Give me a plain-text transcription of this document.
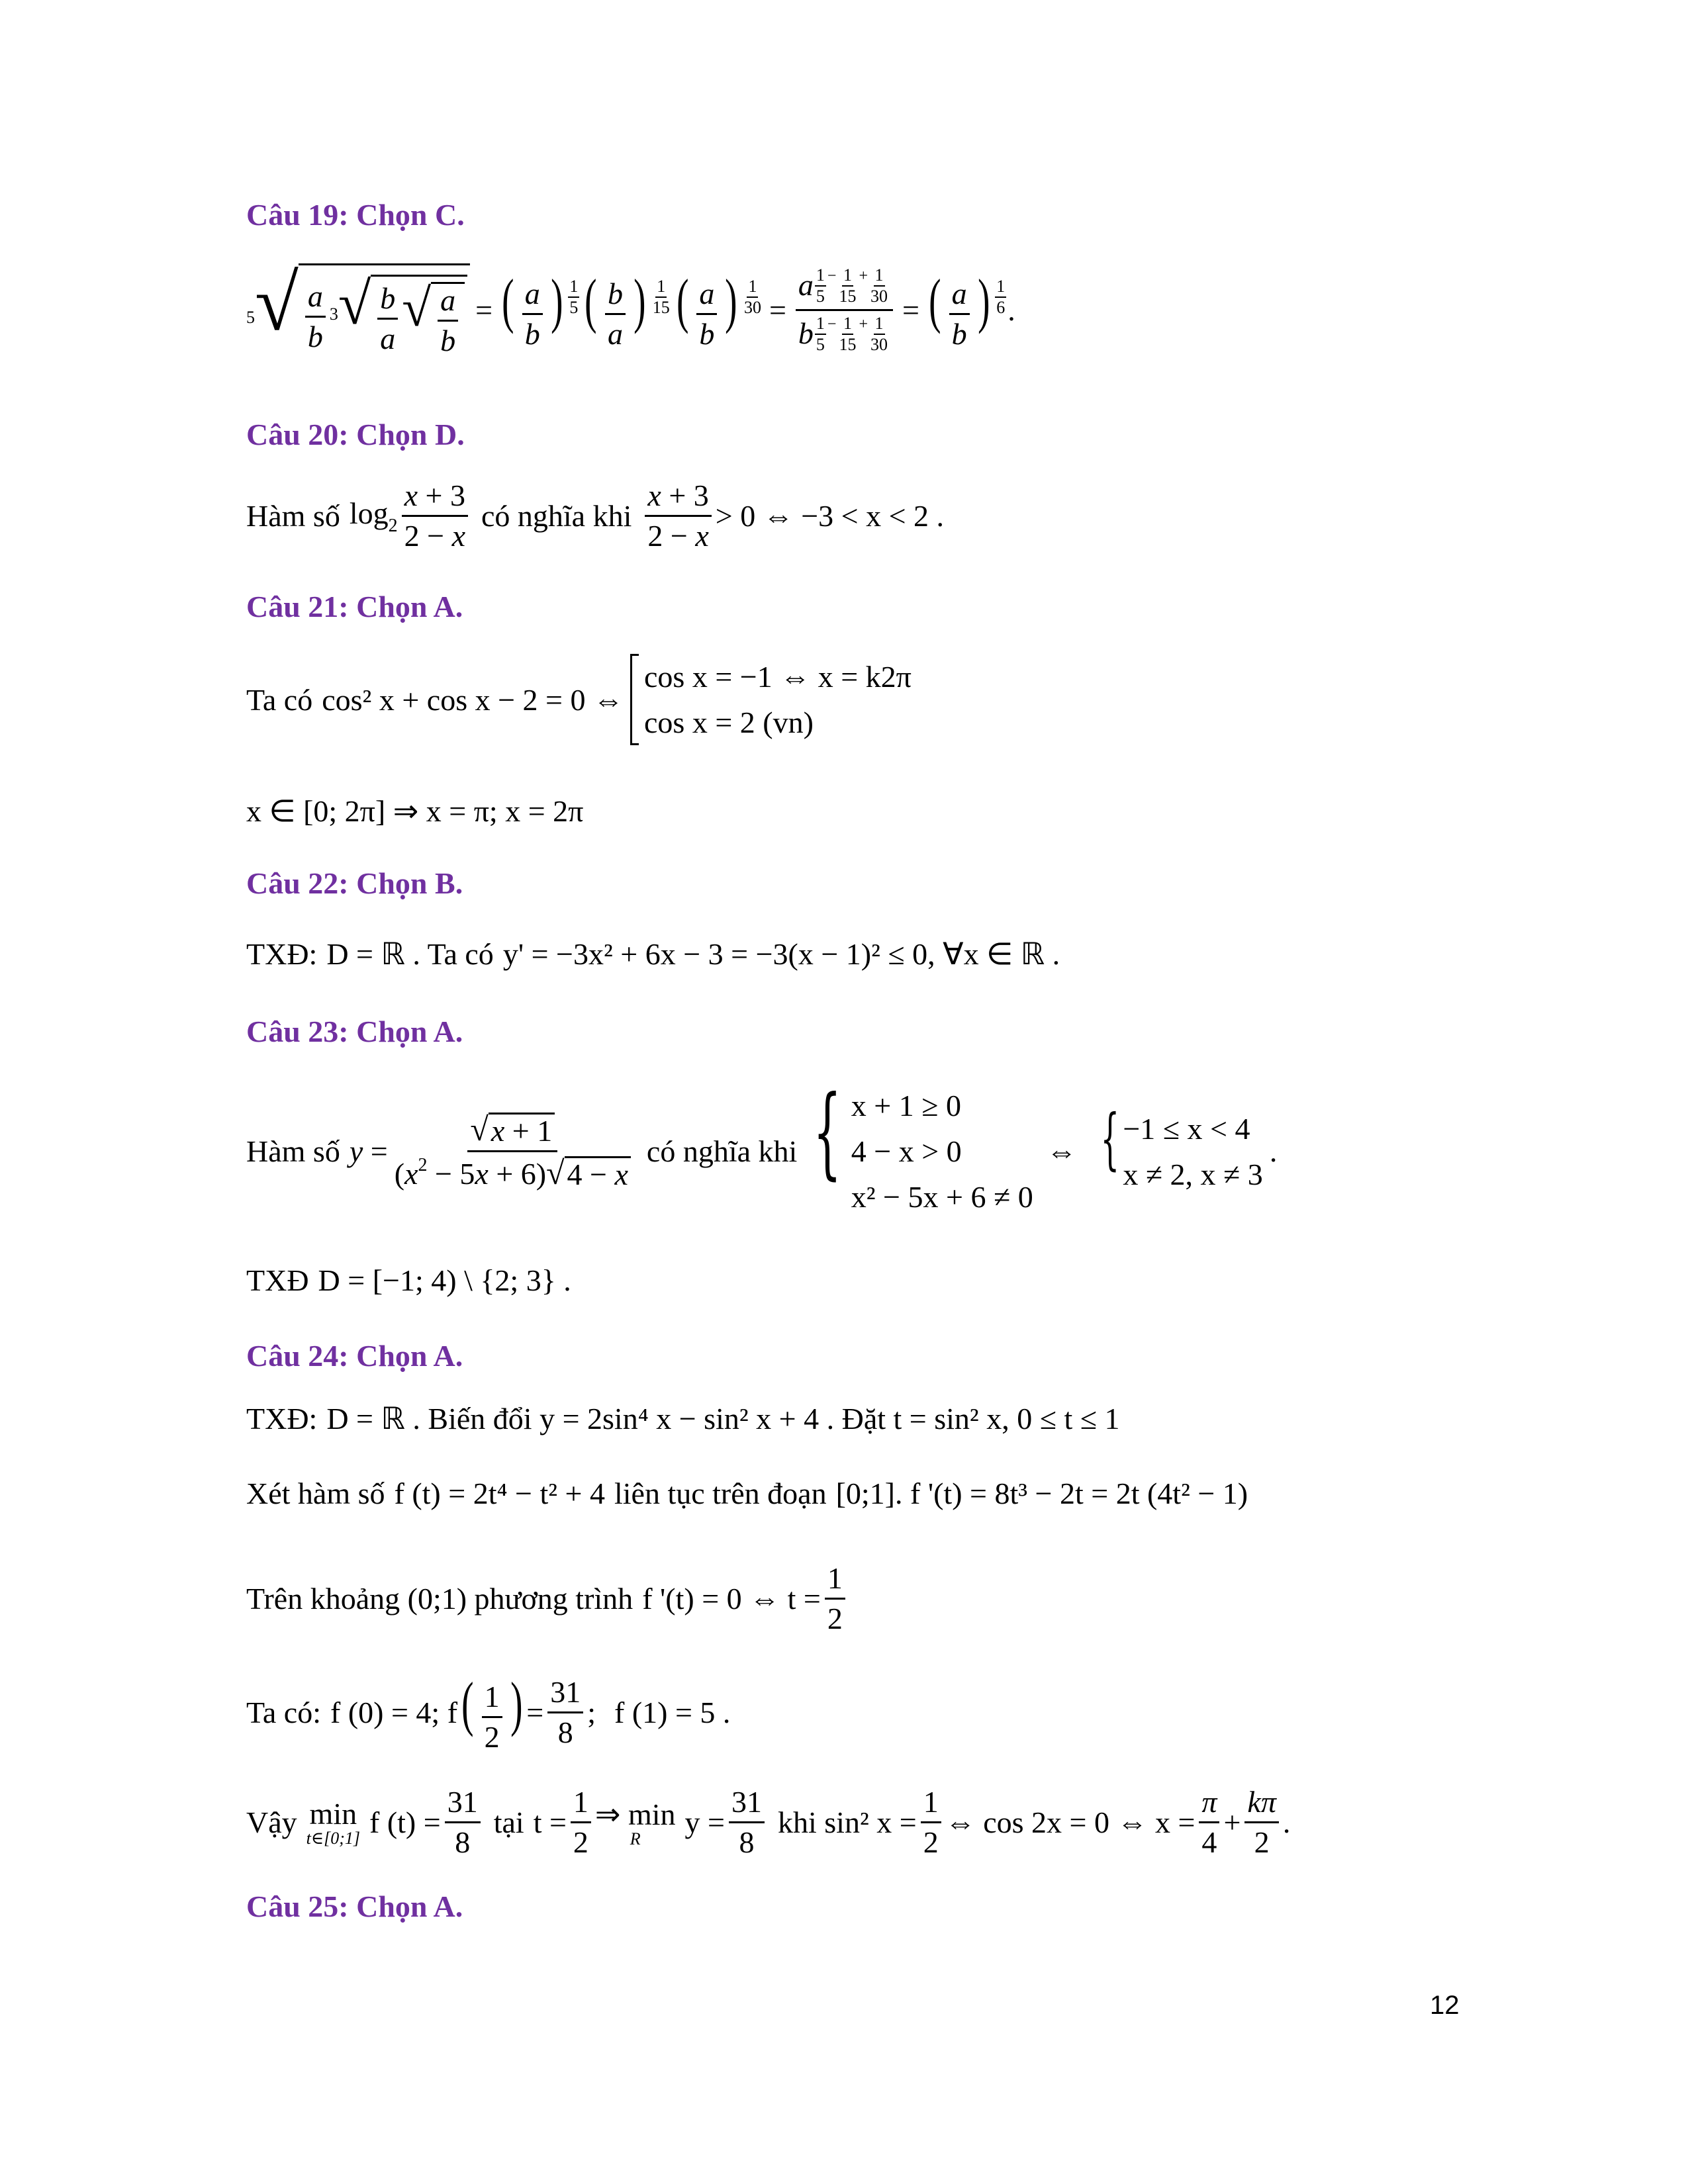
Câu 19: Chọn C.
$^5$ √ $\frac{a}{b} 3$ √ $\frac{b}{a}$ √ $\frac{a}{b}$ = ( $\frac{a}{b}$ ) $\frac{1}{5}$ ( $\frac{b}{a}$ ) $\frac{1}{15}$ ( $\frac{a}{b}$ ) $\frac{1}{30} = \frac{a \frac{1}{5} ^- \frac{1}{15} ^+ \frac{1}{30}}{b \frac{1}{5} ^- \frac{1}{15} ^+ \frac{1}{30}}$ = ( $\frac{a}{b}$ ) $\frac{1}{6}$ .
Câu 20: Chọn D.
Hàm số $\log_2 \frac{x + 3}{2 - x}$ có nghĩa khi $\frac{x + 3}{2 - x} > 0$ ⇔ −3 < x < 2 .
Câu 21: Chọn A.
Ta có cos² x + cos x − 2 = 0 ⇔
cos x = −1 ⇔ x = k2π
cos x = 2 (vn)
x ∈ [0; 2π] ⇒ x = π; x = 2π
Câu 22: Chọn B.
TXĐ: D = ℝ . Ta có y' = −3x² + 6x − 3 = −3(x − 1)² ≤ 0, ∀x ∈ ℝ .
Câu 23: Chọn A.
Hàm số $y = \frac{√ x + 1}{(x^2 - 5x + 6) √ 4 - x}$ có nghĩa khi { x + 1 ≥ 0
4 − x > 0
x² − 5x + 6 ≠ 0
⇔ { −1 ≤ x < 4
x ≠ 2, x ≠ 3
.
TXĐ D = [−1; 4) \ {2; 3} .
Câu 24: Chọn A.
TXĐ: D = ℝ . Biến đổi y = 2sin⁴ x − sin² x + 4 . Đặt t = sin² x, 0 ≤ t ≤ 1
Xét hàm số f (t) = 2t⁴ − t² + 4 liên tục trên đoạn [0;1]. f '(t) = 8t³ − 2t = 2t (4t² − 1)
Trên khoảng (0;1) phương trình f '(t) = 0 ⇔ $t = \frac{1}{2}$
Ta có: f (0) = 4; f ( $\frac{1}{2}$ ) = $\frac{31}{8}$ ; f (1) = 5 .
Vậy min
t∈[0;1] f $(t) = \frac{31}{8}$ tại $t = \frac{1}{2}$ ⇒ min
R $y = \frac{31}{8}$ khi sin² $x = \frac{1}{2}$ ⇔ cos 2x = 0 ⇔ $x = \frac{\pi}{4} + \frac{k\pi}{2}$ .
Câu 25: Chọn A.
12
